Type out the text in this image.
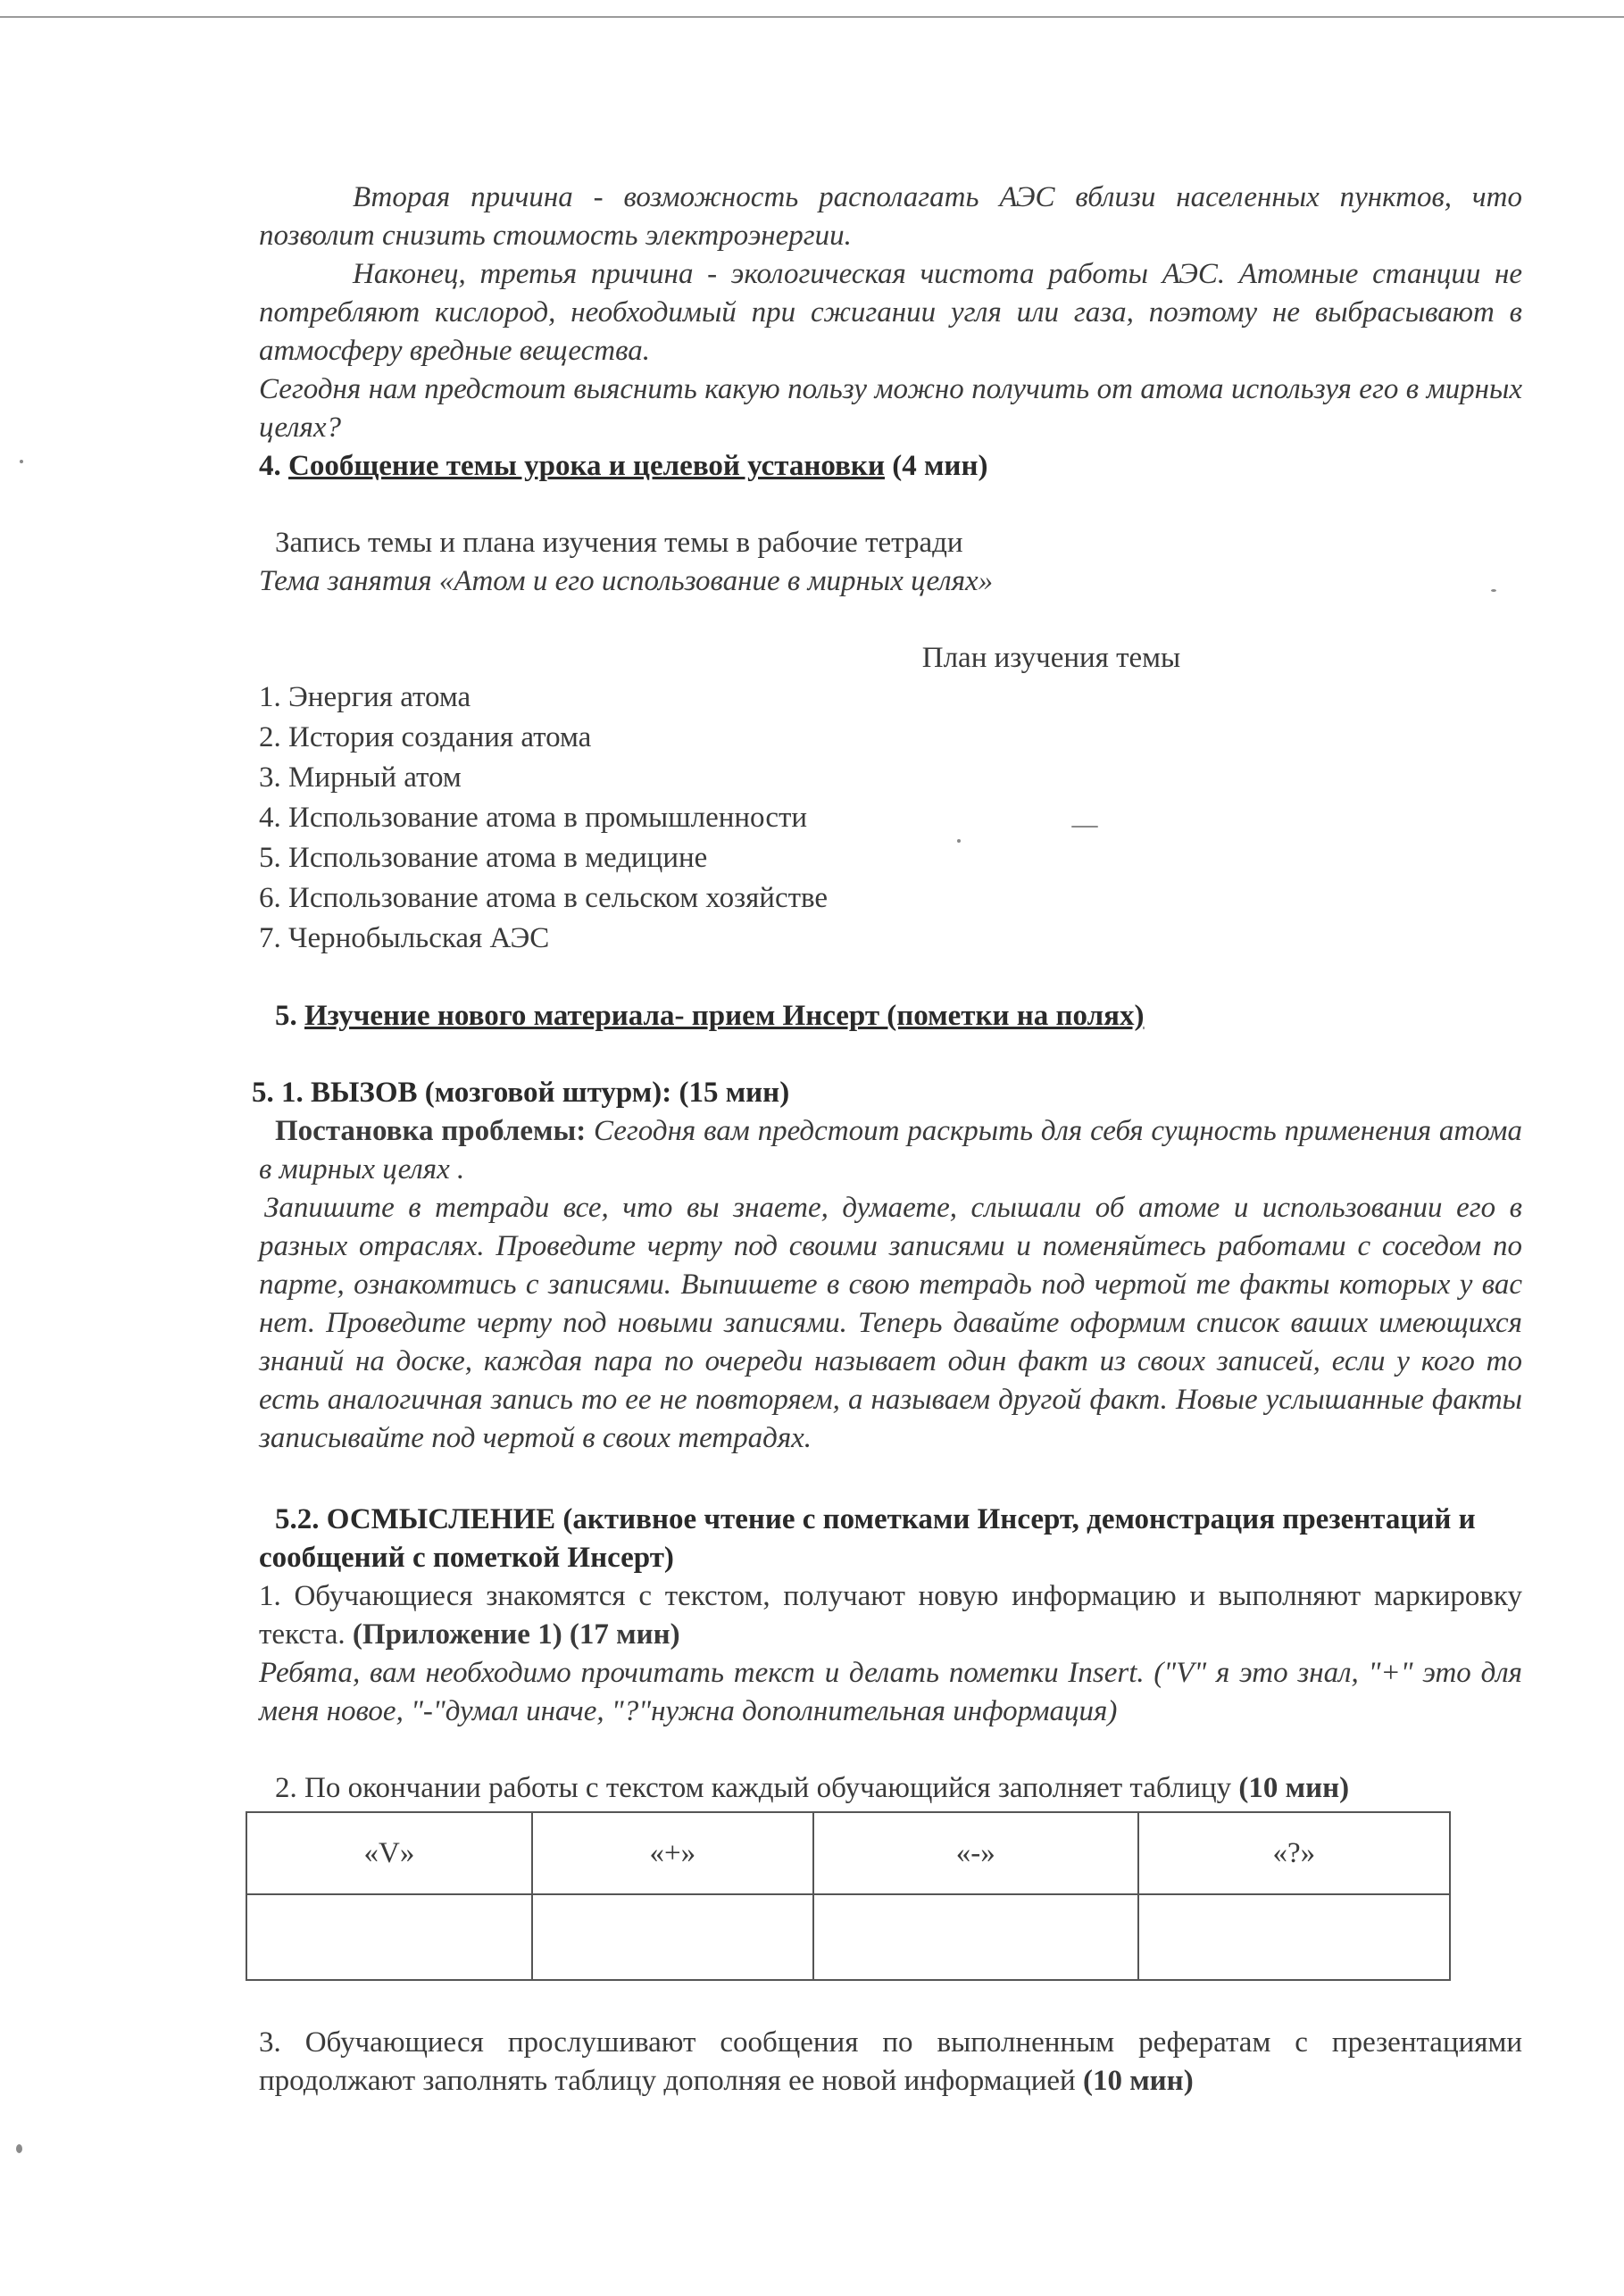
Вторая причина - возможность располагать АЭС вблизи населенных пунктов, что позволит снизить стоимость электроэнергии.

Наконец, третья причина - экологическая чистота работы АЭС. Атомные станции не потребляют кислород, необходимый при сжигании угля или газа, поэтому не выбрасывают в атмосферу вредные вещества.

Сегодня нам предстоит выяснить какую пользу можно получить от атома используя его в мирных целях?

4. Сообщение темы урока и целевой установки (4 мин)

Запись темы и плана изучения темы в рабочие тетради

Тема занятия «Атом и его использование в мирных целях»

План изучения темы

1. Энергия атома
2. История создания атома
3. Мирный атом
4. Использование атома в промышленности
5. Использование атома в медицине
6. Использование атома в сельском хозяйстве
7. Чернобыльская АЭС

5. Изучение нового материала- прием Инсерт (пометки на полях)

5. 1. ВЫЗОВ (мозговой штурм): (15 мин)

Постановка проблемы: Сегодня вам предстоит раскрыть для себя сущность применения атома в мирных целях .

Запишите в тетради все, что вы знаете, думаете, слышали об атоме и использовании его в разных отраслях. Проведите черту под своими записями и поменяйтесь работами с соседом по парте, ознакомтись с записями. Выпишете в свою тетрадь под чертой те факты которых у вас нет. Проведите черту под новыми записями. Теперь давайте оформим список ваших имеющихся знаний на доске, каждая пара по очереди называет один факт из своих записей, если у кого то есть аналогичная запись то ее не повторяем, а называем другой факт. Новые услышанные факты записывайте под чертой в своих тетрадях.

5.2. ОСМЫСЛЕНИЕ (активное чтение с пометками Инсерт, демонстрация презентаций и сообщений с пометкой Инсерт)

1. Обучающиеся знакомятся с текстом, получают новую информацию и выполняют маркировку текста. (Приложение 1) (17 мин)

Ребята, вам необходимо прочитать текст и делать пометки Insert. ("V" я это знал, "+" это для меня новое, "-"думал иначе, "?"нужна дополнительная информация)

2. По окончании работы с текстом каждый обучающийся заполняет таблицу (10 мин)

«V»	«+»	«-»	«?»

3. Обучающиеся прослушивают сообщения по выполненным рефератам с презентациями продолжают заполнять таблицу дополняя ее новой информацией (10 мин)
